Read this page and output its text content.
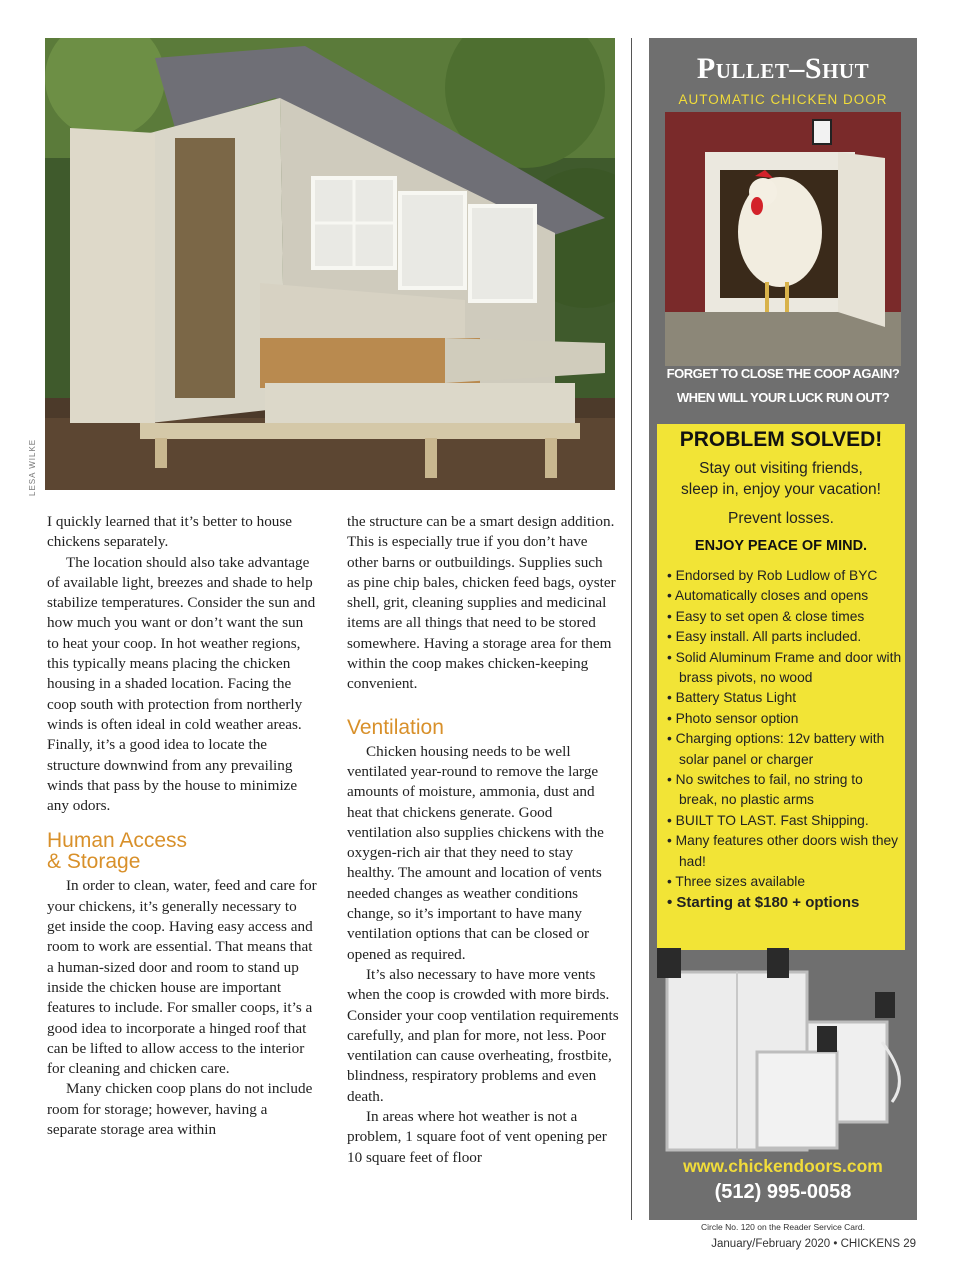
LESA WILKE

I quickly learned that it’s better to house chickens separately.

The location should also take advantage of available light, breezes and shade to help stabilize temperatures. Consider the sun and how much you want or don’t want the sun to heat your coop. In hot weather regions, this typically means placing the chicken housing in a shaded location. Facing the coop south with protection from northerly winds is often ideal in cold weather areas. Finally, it’s a good idea to locate the structure downwind from any prevailing winds that pass by the house to minimize any odors.

Human Access
& Storage

In order to clean, water, feed and care for your chickens, it’s generally necessary to get inside the coop. Having easy access and room to work are essential. That means that a human-sized door and room to stand up inside the chicken house are important features to include. For smaller coops, it’s a good idea to incorporate a hinged roof that can be lifted to allow access to the interior for cleaning and chicken care.

Many chicken coop plans do not include room for storage; however, having a separate storage area within

the structure can be a smart design addition. This is especially true if you don’t have other barns or outbuildings. Supplies such as pine chip bales, chicken feed bags, oyster shell, grit, cleaning supplies and medicinal items are all things that need to be stored somewhere. Having a storage area for them within the coop makes chicken-keeping convenient.

Ventilation

Chicken housing needs to be well ventilated year-round to remove the large amounts of moisture, ammonia, dust and heat that chickens generate. Good ventilation also supplies chickens with the oxygen-rich air that they need to stay healthy. The amount and location of vents needed changes as weather conditions change, so it’s important to have many ventilation options that can be closed or opened as required.

It’s also necessary to have more vents when the coop is crowded with more birds. Consider your coop ventilation requirements carefully, and plan for more, not less. Poor ventilation can cause overheating, frostbite, blindness, respiratory problems and even death.

In areas where hot weather is not a problem, 1 square foot of vent opening per 10 square feet of floor

Pullet–Shut
AUTOMATIC CHICKEN DOOR
FORGET TO CLOSE THE COOP AGAIN?
WHEN WILL YOUR LUCK RUN OUT?
PROBLEM SOLVED!
Stay out visiting friends,
sleep in, enjoy your vacation!
Prevent losses.
ENJOY PEACE OF MIND.
• Endorsed by Rob Ludlow of BYC
• Automatically closes and opens
• Easy to set open & close times
• Easy install. All parts included.
• Solid Aluminum Frame and door with brass pivots, no wood
• Battery Status Light
• Photo sensor option
• Charging options: 12v battery with solar panel or charger
• No switches to fail, no string to break, no plastic arms
• BUILT TO LAST. Fast Shipping.
• Many features other doors wish they had!
• Three sizes available
• Starting at $180 + options
www.chickendoors.com
(512) 995-0058
Circle No. 120 on the Reader Service Card.
January/February 2020 • CHICKENS 29
